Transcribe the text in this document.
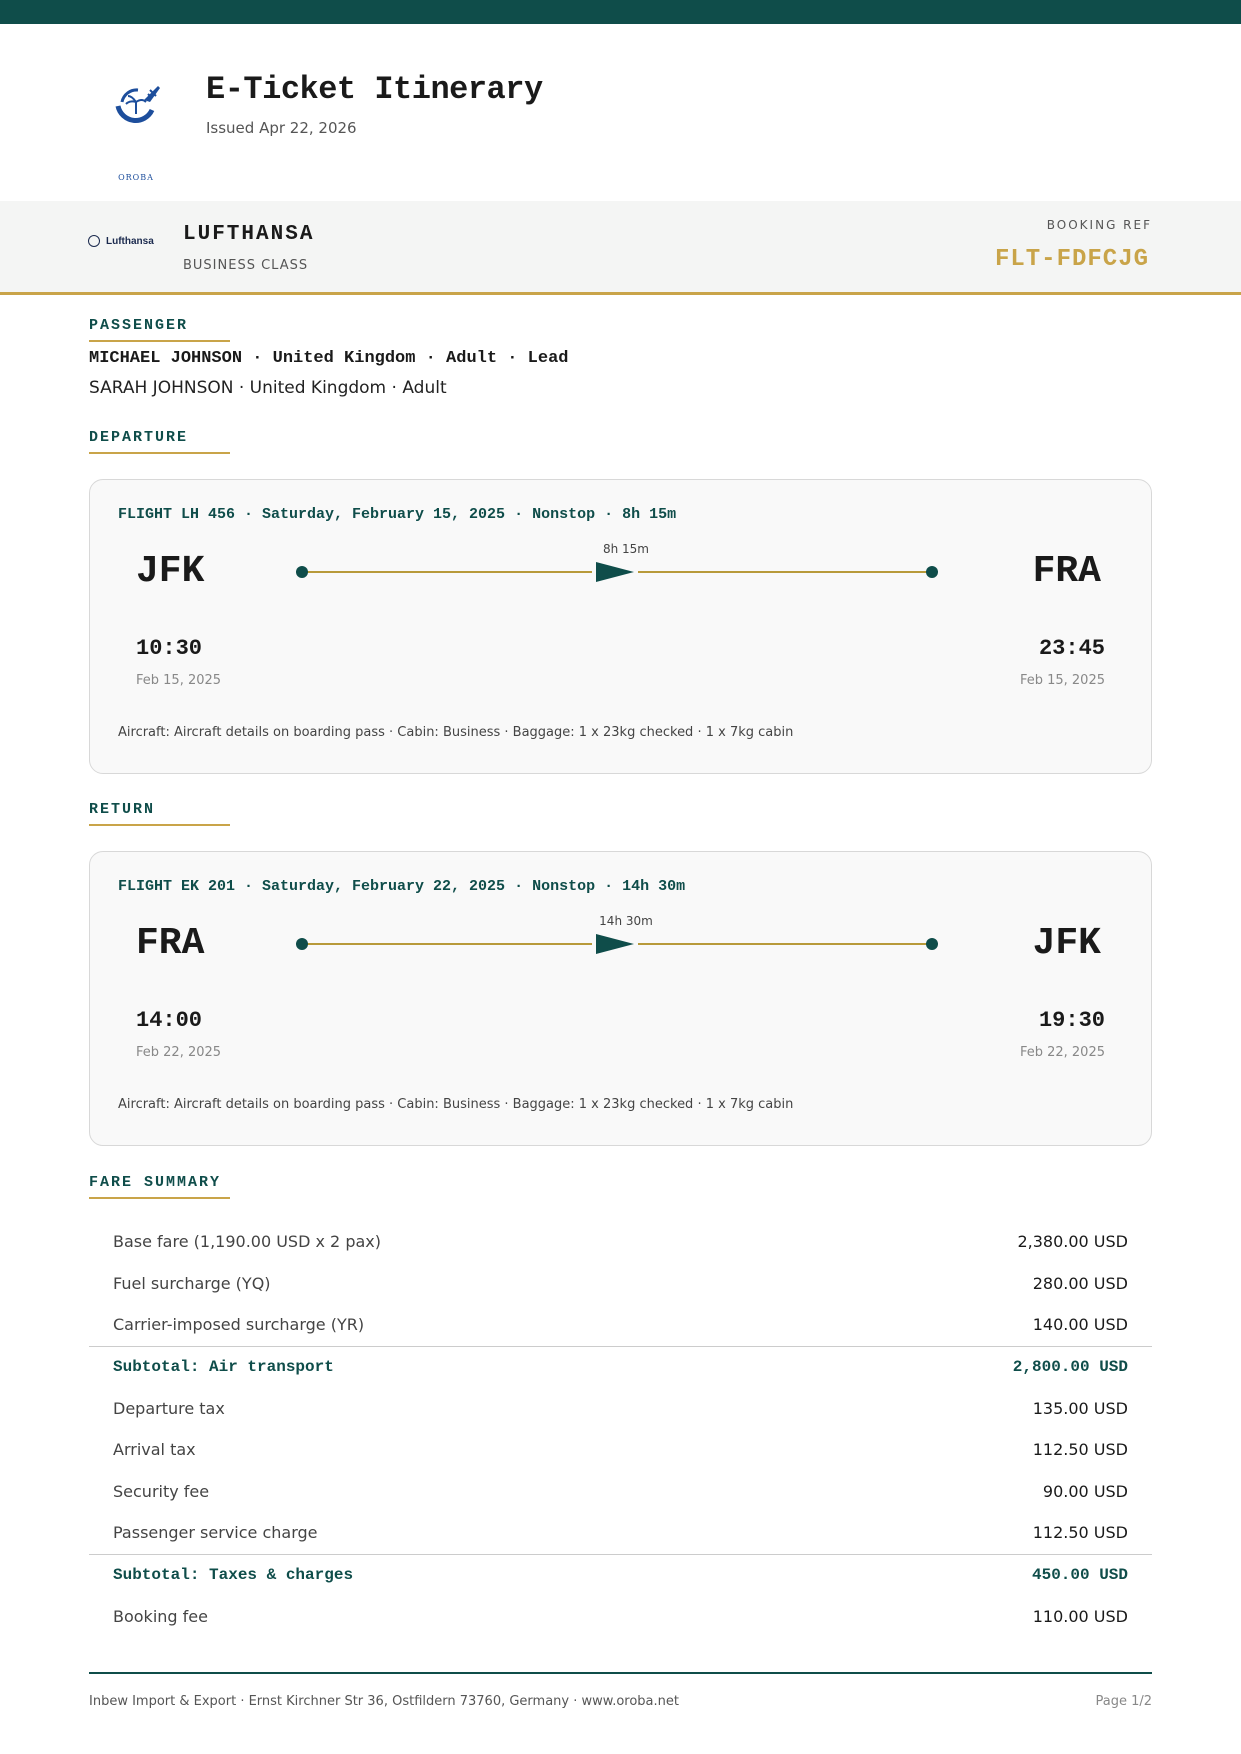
OROBA
E-Ticket Itinerary
Issued Apr 22, 2026
Lufthansa LUFTHANSA
BUSINESS CLASS
BOOKING REF
FLT-FDFCJG
PASSENGER
MICHAEL JOHNSON · United Kingdom · Adult · Lead
SARAH JOHNSON · United Kingdom · Adult
DEPARTURE
FLIGHT LH 456 · Saturday, February 15, 2025 · Nonstop · 8h 15m
JFK	FRA
8h 15m
10:30	23:45
Feb 15, 2025	Feb 15, 2025
Aircraft: Aircraft details on boarding pass · Cabin: Business · Baggage: 1 x 23kg checked · 1 x 7kg cabin
RETURN
FLIGHT EK 201 · Saturday, February 22, 2025 · Nonstop · 14h 30m
FRA	JFK
14h 30m
14:00	19:30
Feb 22, 2025	Feb 22, 2025
Aircraft: Aircraft details on boarding pass · Cabin: Business · Baggage: 1 x 23kg checked · 1 x 7kg cabin
FARE SUMMARY
Base fare (1,190.00 USD x 2 pax)	2,380.00 USD
Fuel surcharge (YQ)	280.00 USD
Carrier-imposed surcharge (YR)	140.00 USD
Subtotal: Air transport	2,800.00 USD
Departure tax	135.00 USD
Arrival tax	112.50 USD
Security fee	90.00 USD
Passenger service charge	112.50 USD
Subtotal: Taxes & charges	450.00 USD
Booking fee	110.00 USD
Inbew Import & Export · Ernst Kirchner Str 36, Ostfildern 73760, Germany · www.oroba.net	Page 1/2
